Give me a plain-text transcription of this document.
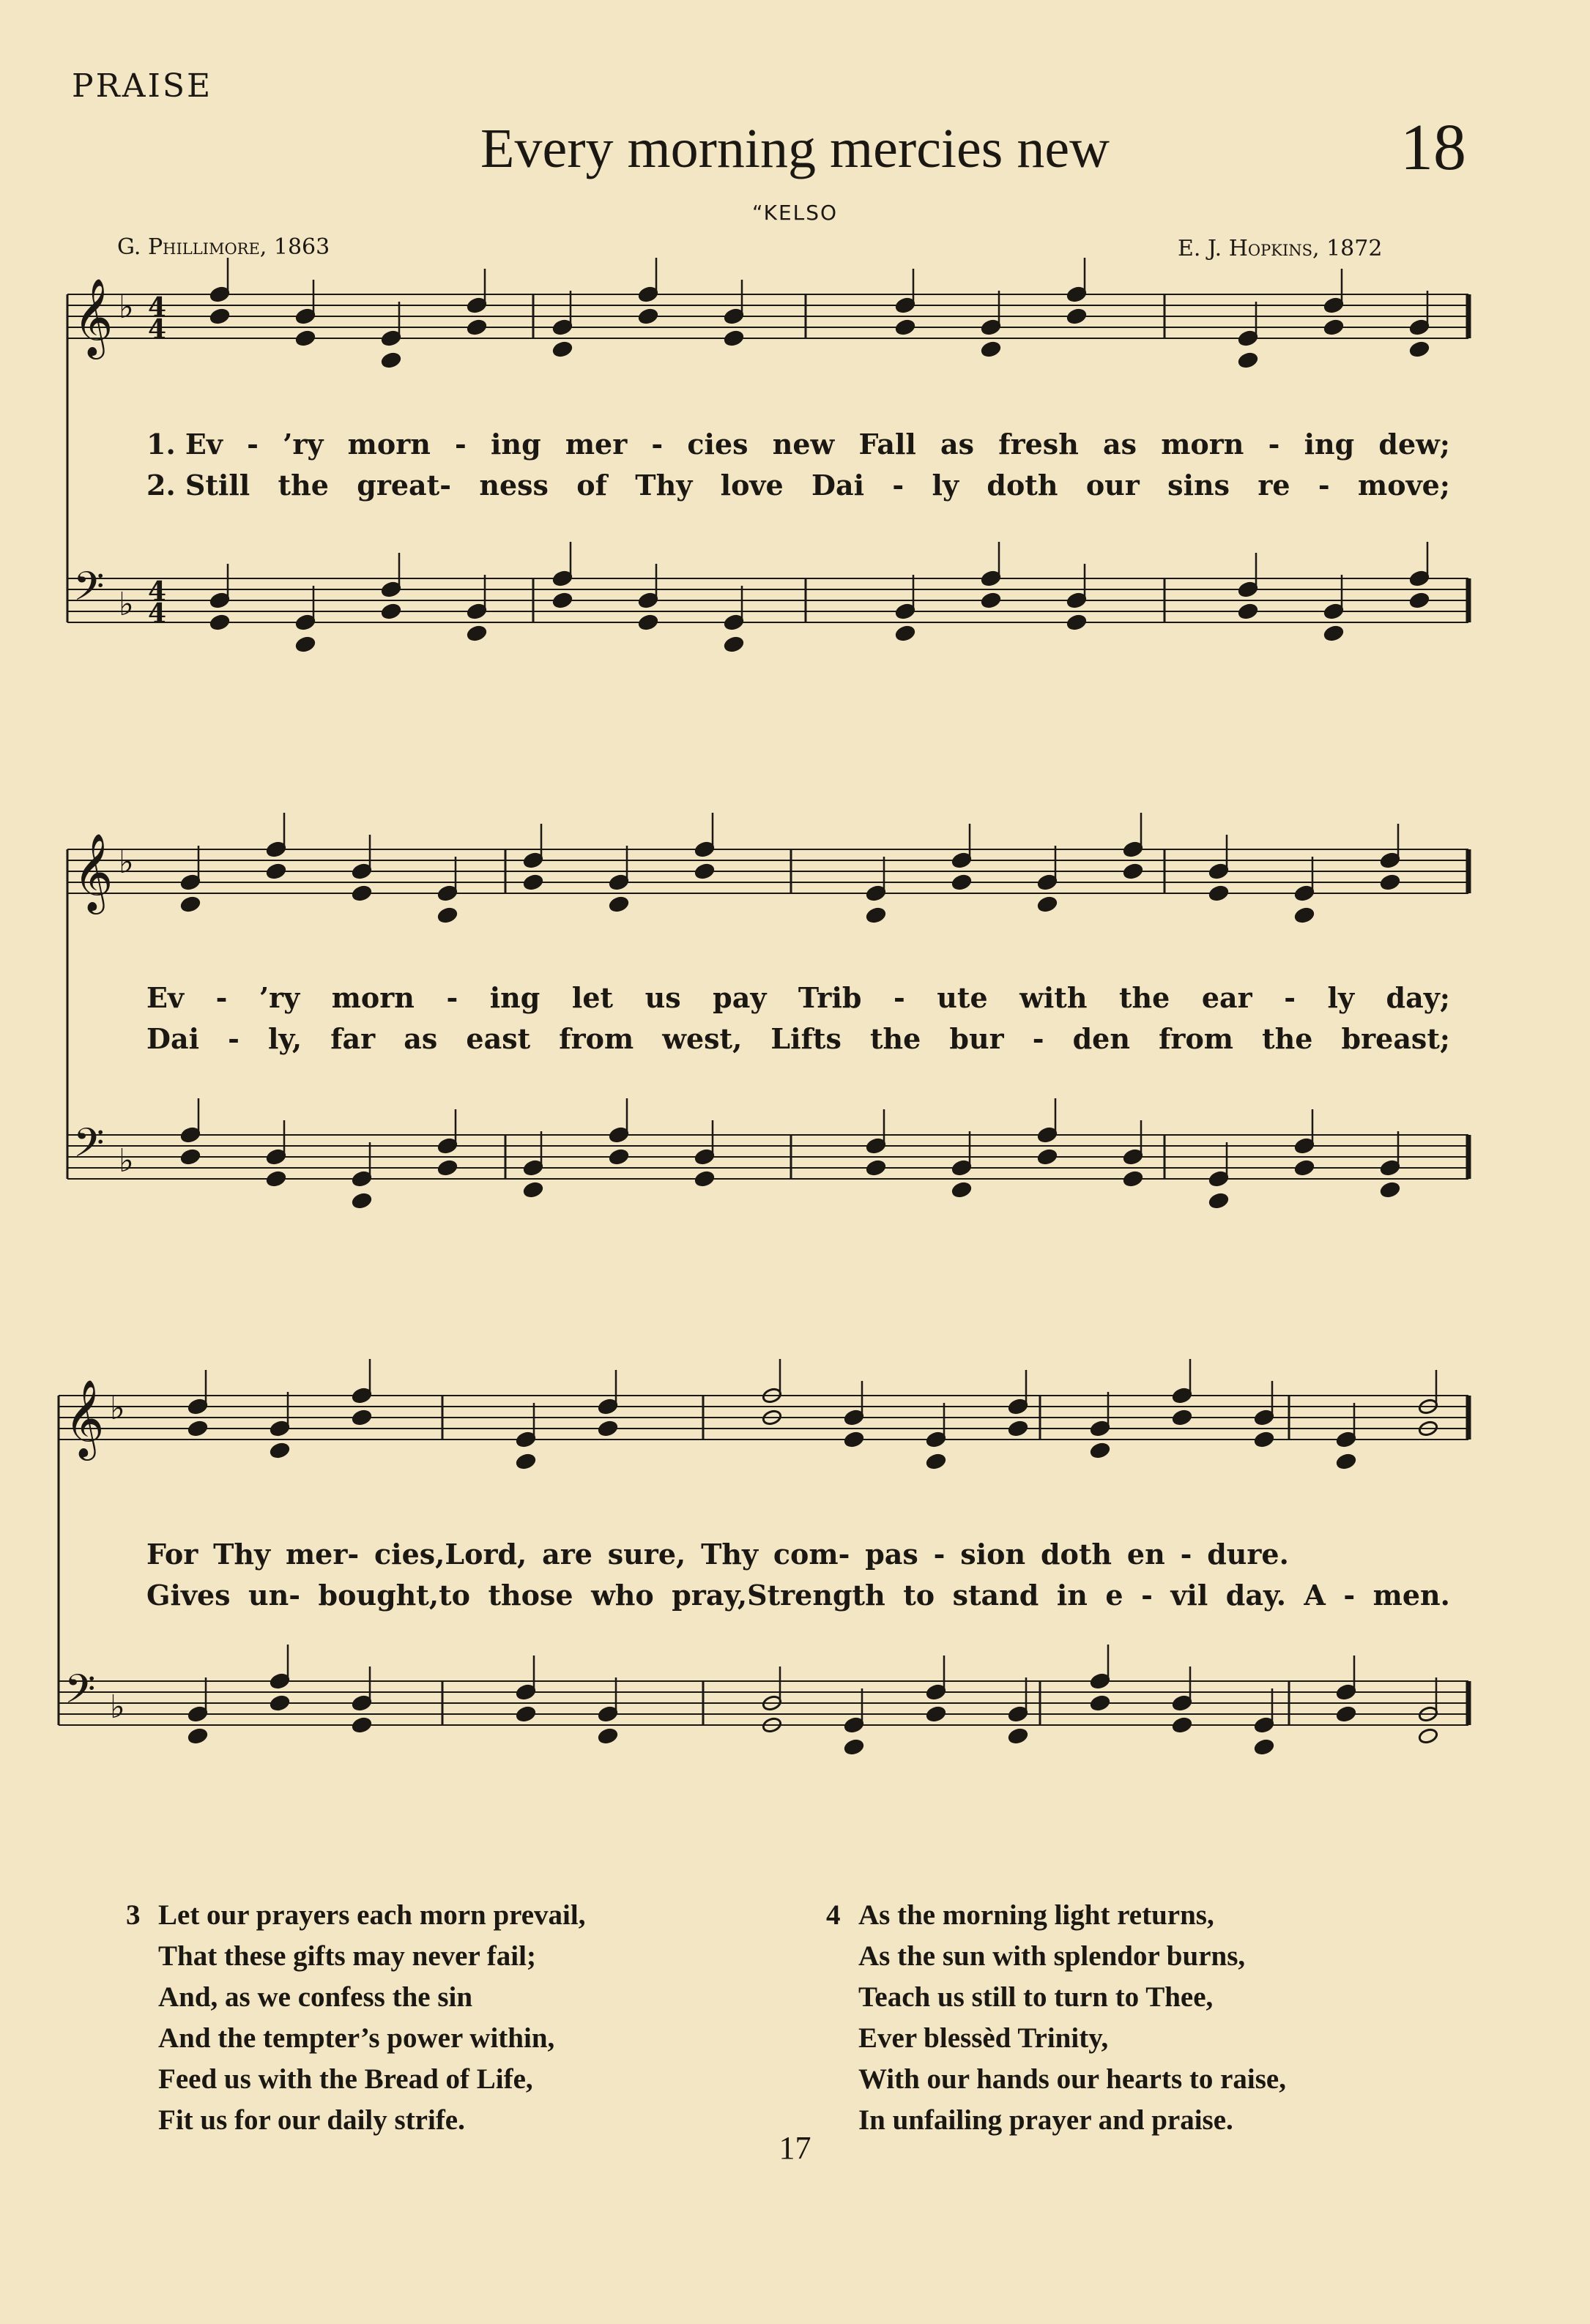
PRAISE
Every morning mercies new	18
“KELSO
G. Phillimore, 1863	E. J. Hopkins, 1872
𝄞 ♭ 4
4
𝄢 ♭ 4
4
𝄞 ♭
𝄢 ♭
𝄞 ♭
𝄢 ♭
1. Ev - ’ry morn - ing mer - cies new Fall as fresh as morn - ing dew;
2. Still the great- ness of Thy love Dai - ly doth our sins re - move;
Ev - ’ry morn - ing let us pay Trib - ute with the ear - ly day;
Dai - ly, far as east from west, Lifts the bur - den from the breast;
For Thy mer- cies,Lord, are sure, Thy com- pas - sion doth en - dure.
Gives un- bought,to those who pray,Strength to stand in e - vil day. A - men.
3 Let our prayers each morn prevail,
That these gifts may never fail;
And, as we confess the sin
And the tempter’s power within,
Feed us with the Bread of Life,
Fit us for our daily strife.
4 As the morning light returns,
As the sun with splendor burns,
Teach us still to turn to Thee,
Ever blessèd Trinity,
With our hands our hearts to raise,
In unfailing prayer and praise.
17
